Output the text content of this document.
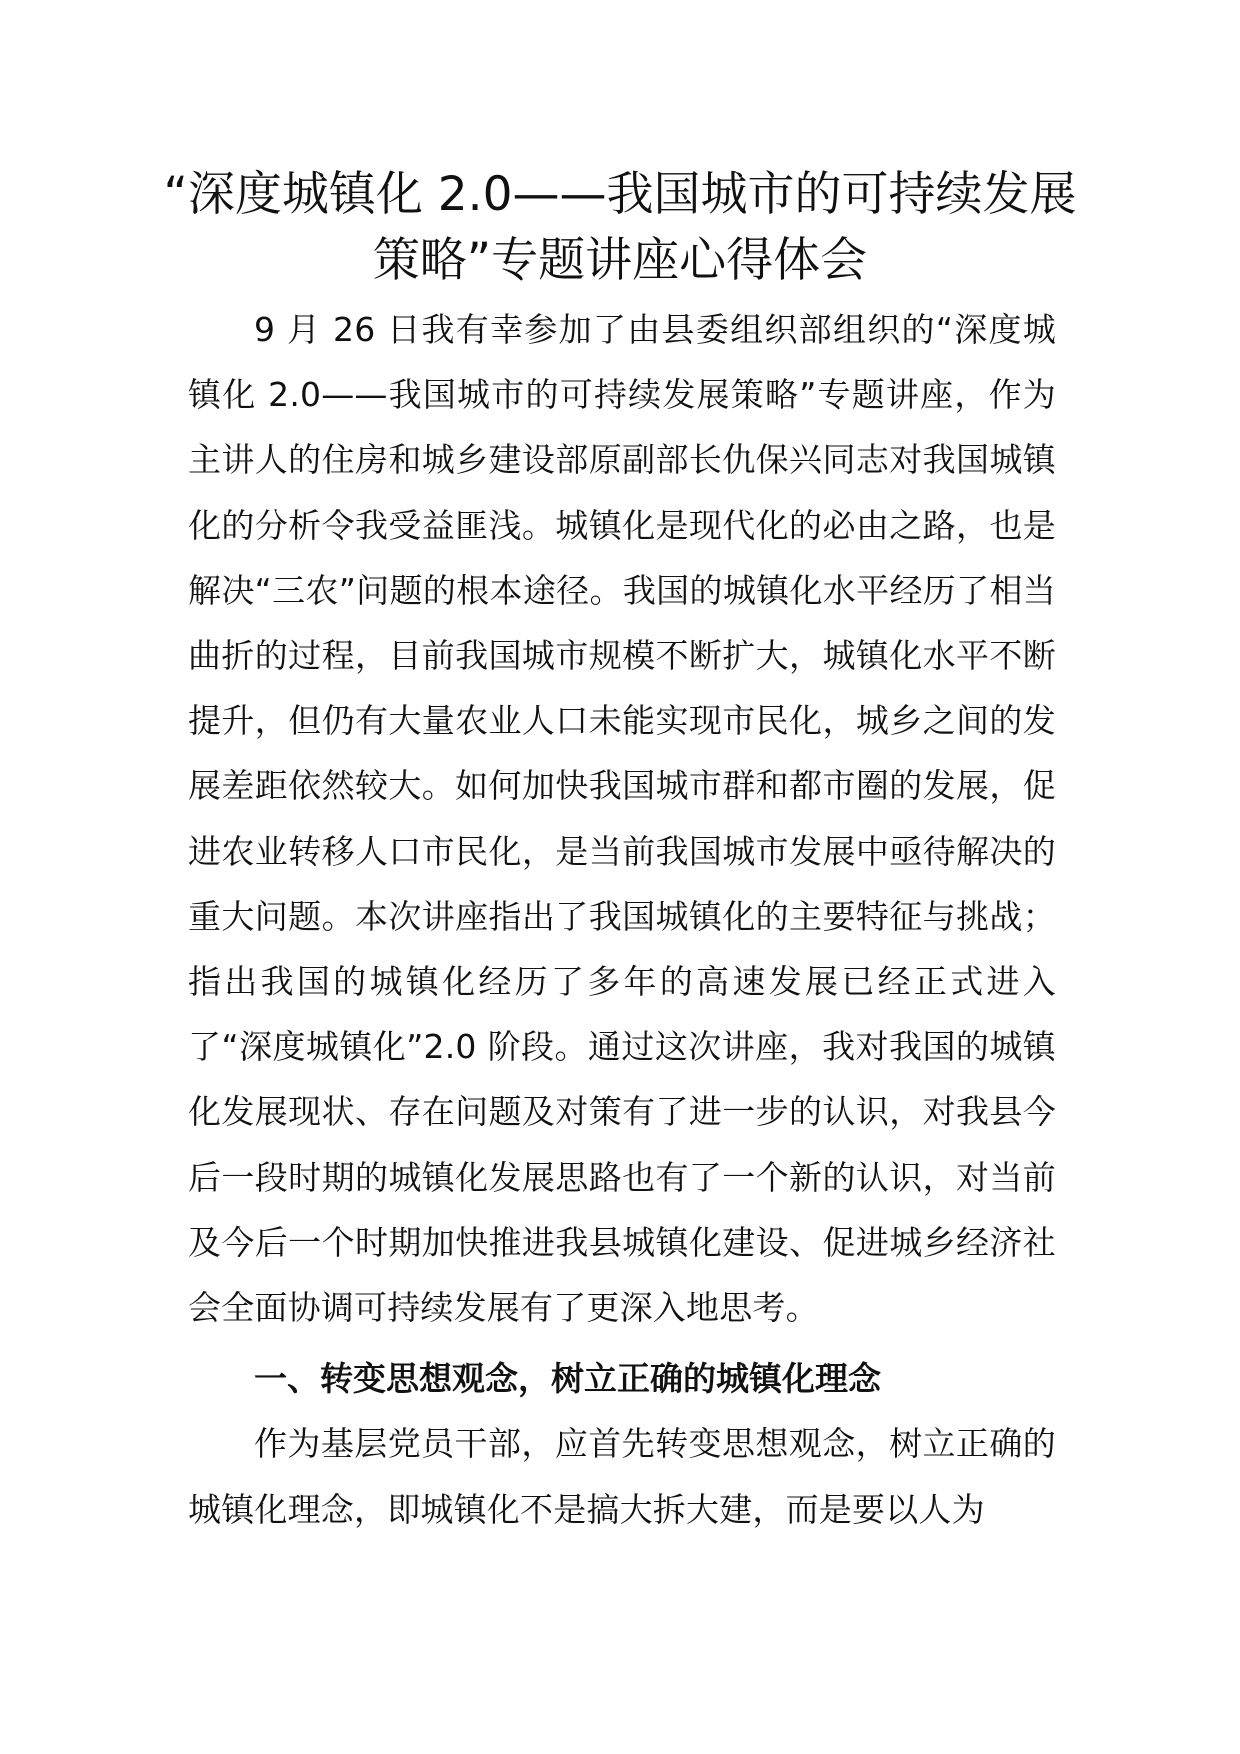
“深度城镇化 2.0——我国城市的可持续发展策略”专题讲座心得体会

9 月 26 日我有幸参加了由县委组织部组织的“深度城镇化 2.0——我国城市的可持续发展策略”专题讲座，作为主讲人的住房和城乡建设部原副部长仇保兴同志对我国城镇化的分析令我受益匪浅。城镇化是现代化的必由之路，也是解决“三农”问题的根本途径。我国的城镇化水平经历了相当曲折的过程，目前我国城市规模不断扩大，城镇化水平不断提升，但仍有大量农业人口未能实现市民化，城乡之间的发展差距依然较大。如何加快我国城市群和都市圈的发展，促进农业转移人口市民化，是当前我国城市发展中亟待解决的重大问题。本次讲座指出了我国城镇化的主要特征与挑战；指出我国的城镇化经历了多年的高速发展已经正式进入了“深度城镇化”2.0 阶段。通过这次讲座，我对我国的城镇化发展现状、存在问题及对策有了进一步的认识，对我县今后一段时期的城镇化发展思路也有了一个新的认识，对当前及今后一个时期加快推进我县城镇化建设、促进城乡经济社会全面协调可持续发展有了更深入地思考。

一、转变思想观念，树立正确的城镇化理念

作为基层党员干部，应首先转变思想观念，树立正确的城镇化理念，即城镇化不是搞大拆大建，而是要以人为
